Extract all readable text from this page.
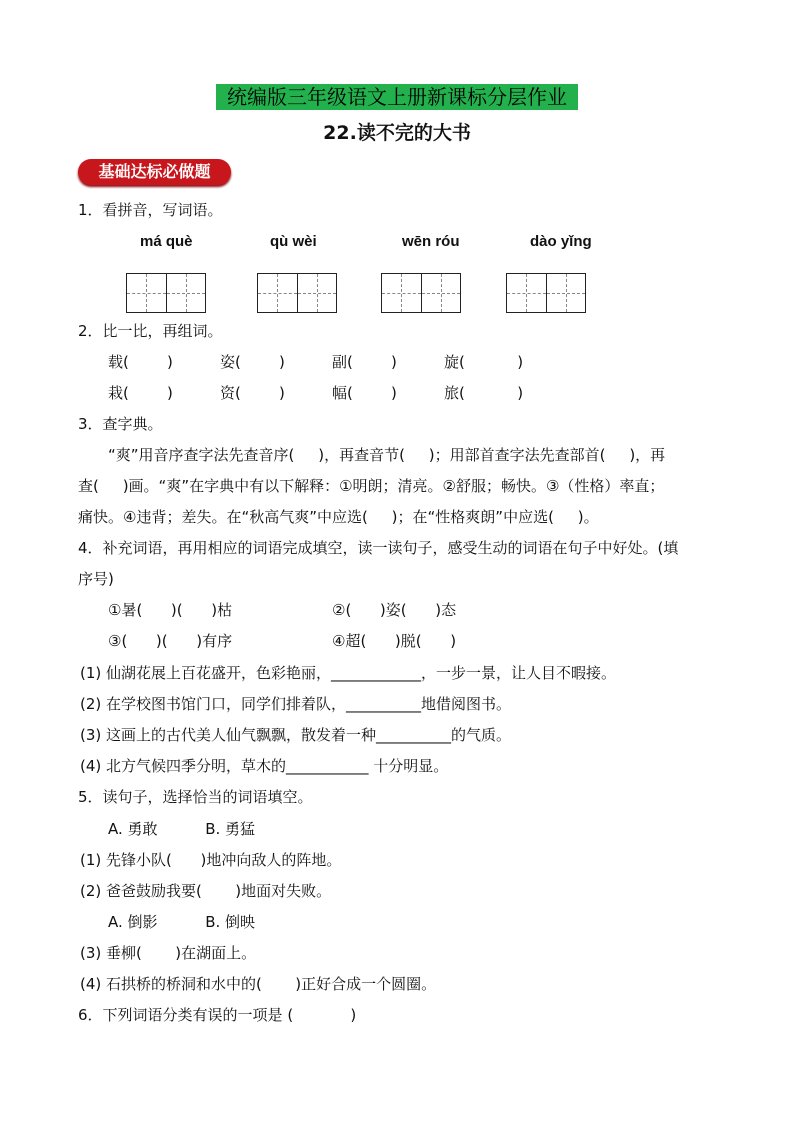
统编版三年级语文上册新课标分层作业
22.读不完的大书
基础达标必做题
1．看拼音，写词语。
má què	qù wèi	wēn róu	dào yǐng
2．比一比，再组词。
载(        )	姿(        )	副(        )	旋(           )
栽(        )	资(        )	幅(        )	旅(           )
3．查字典。
“爽”用音序查字法先查音序(     )，再查音节(     )；用部首查字法先查部首(     )，再
查(     )画。“爽”在字典中有以下解释：①明朗；清亮。②舒服；畅快。③（性格）率直；
痛快。④违背；差失。在“秋高气爽”中应选(     )；在“性格爽朗”中应选(     )。
4．补充词语，再用相应的词语完成填空，读一读句子，感受生动的词语在句子中好处。(填
序号)
①暑(      )(      )枯	②(      )姿(      )态
③(      )(      )有序	④超(      )脱(      )
(1) 仙湖花展上百花盛开，色彩艳丽，____________，一步一景，让人目不暇接。
(2) 在学校图书馆门口，同学们排着队，__________地借阅图书。
(3) 这画上的古代美人仙气飘飘，散发着一种__________的气质。
(4) 北方气候四季分明，草木的___________ 十分明显。
5．读句子，选择恰当的词语填空。
A. 勇敢          B. 勇猛
(1) 先锋小队(      )地冲向敌人的阵地。
(2) 爸爸鼓励我要(       )地面对失败。
A. 倒影          B. 倒映
(3) 垂柳(       )在湖面上。
(4) 石拱桥的桥洞和水中的(       )正好合成一个圆圈。
6．下列词语分类有误的一项是 (            )
